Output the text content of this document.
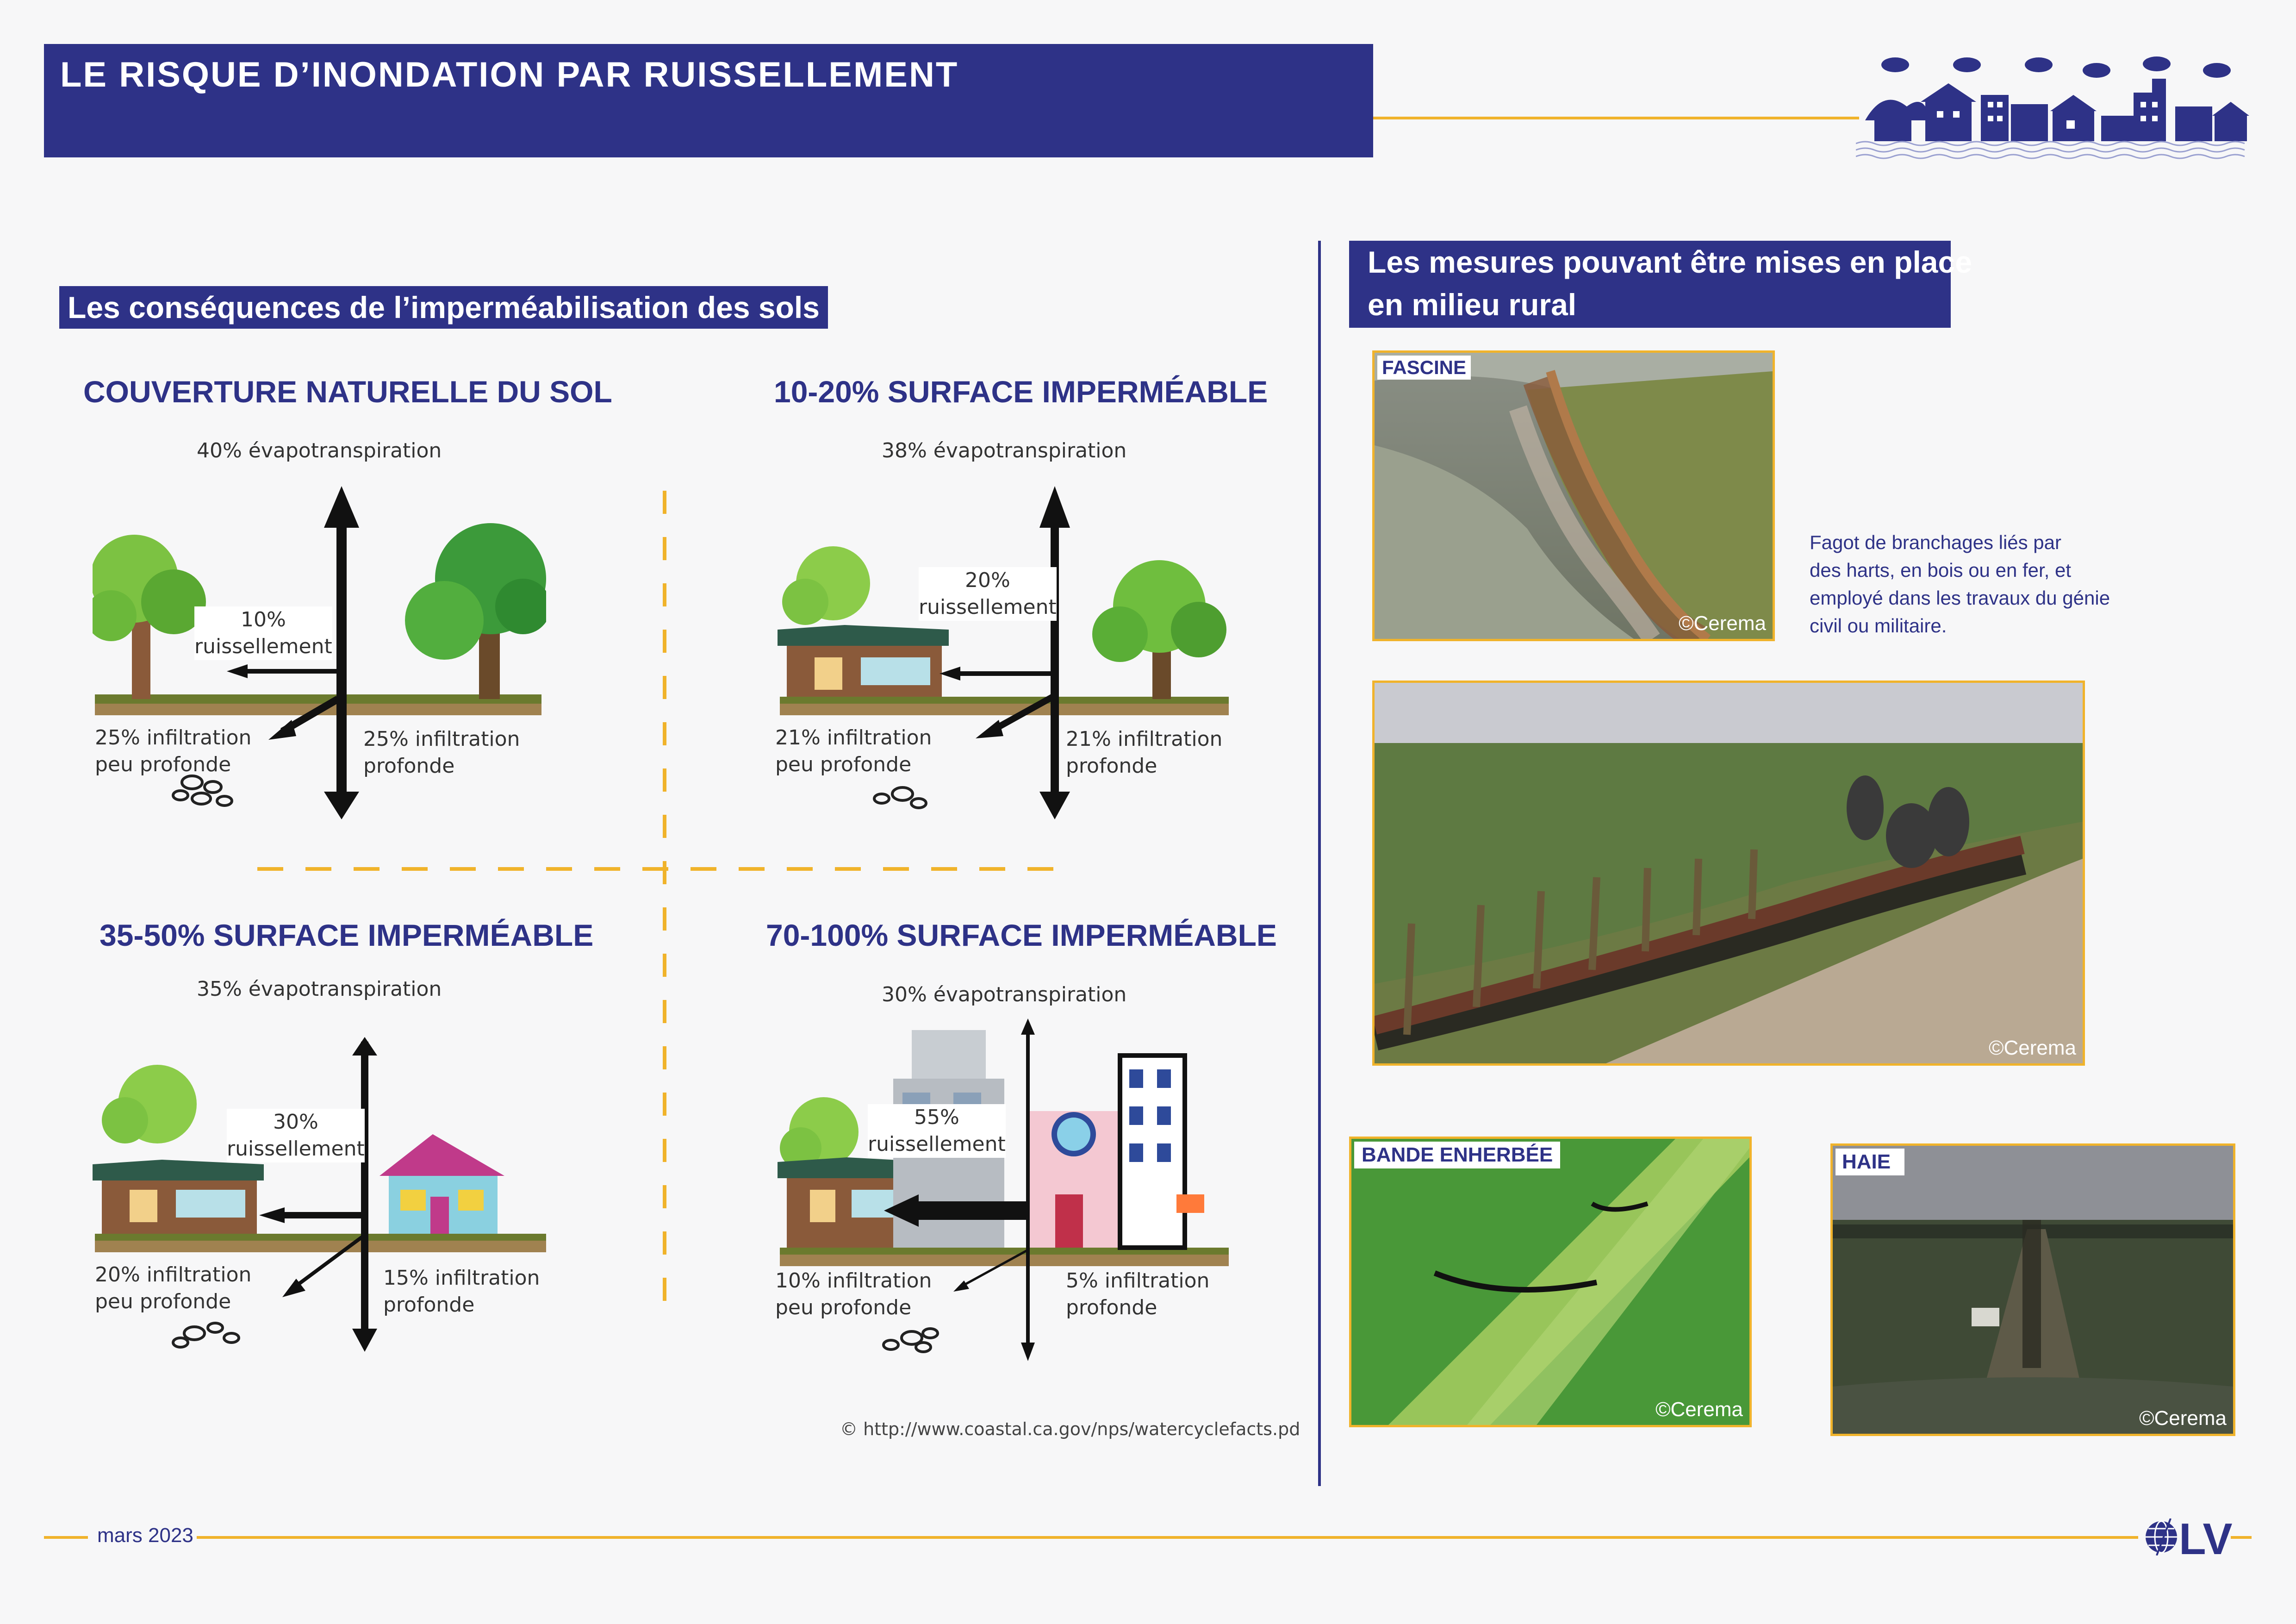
LE RISQUE D’INONDATION PAR RUISSELLEMENT
Les conséquences de l’imperméabilisation des sols
COUVERTURE NATURELLE DU SOL
40% évapotranspiration
10%
ruissellement
25% infiltration
peu profonde
25% infiltration
profonde
10-20% SURFACE IMPERMÉABLE
38% évapotranspiration
20%
ruissellement
21% infiltration
peu profonde
21% infiltration
profonde
35-50% SURFACE IMPERMÉABLE
35% évapotranspiration
30%
ruissellement
20% infiltration
peu profonde
15% infiltration
profonde
70-100% SURFACE IMPERMÉABLE
30% évapotranspiration
55%
ruissellement
10% infiltration
peu profonde
5% infiltration
profonde
© http://www.coastal.ca.gov/nps/watercyclefacts.pd
Les mesures pouvant être mises en place
en milieu rural
FASCINE
©Cerema
Fagot de branchages liés par
des harts, en bois ou en fer, et
employé dans les travaux du génie
civil ou militaire.
©Cerema
BANDE ENHERBÉE
©Cerema
HAIE
©Cerema
mars 2023	LV
